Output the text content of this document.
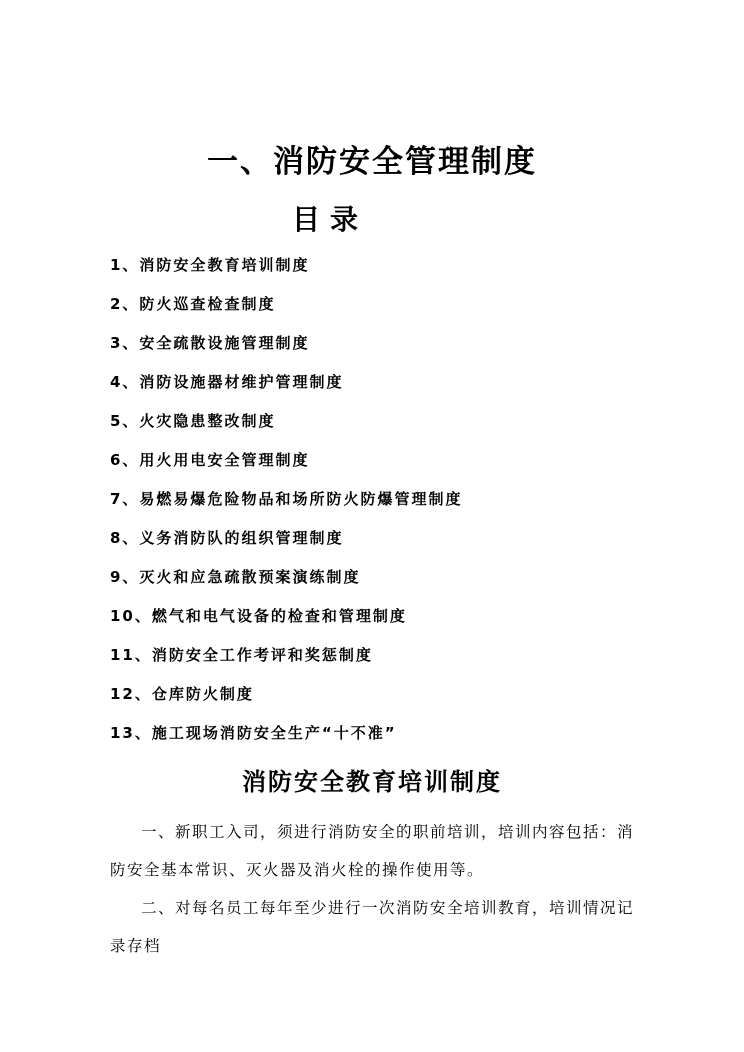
一、消防安全管理制度
目录
1、消防安全教育培训制度
2、防火巡查检查制度
3、安全疏散设施管理制度
4、消防设施器材维护管理制度
5、火灾隐患整改制度
6、用火用电安全管理制度
7、易燃易爆危险物品和场所防火防爆管理制度
8、义务消防队的组织管理制度
9、灭火和应急疏散预案演练制度
10、燃气和电气设备的检查和管理制度
11、消防安全工作考评和奖惩制度
12、仓库防火制度
13、施工现场消防安全生产“十不准”
消防安全教育培训制度

一、新职工入司，须进行消防安全的职前培训，培训内容包括：消防安全基本常识、灭火器及消火栓的操作使用等。

二、对每名员工每年至少进行一次消防安全培训教育，培训情况记录存档
